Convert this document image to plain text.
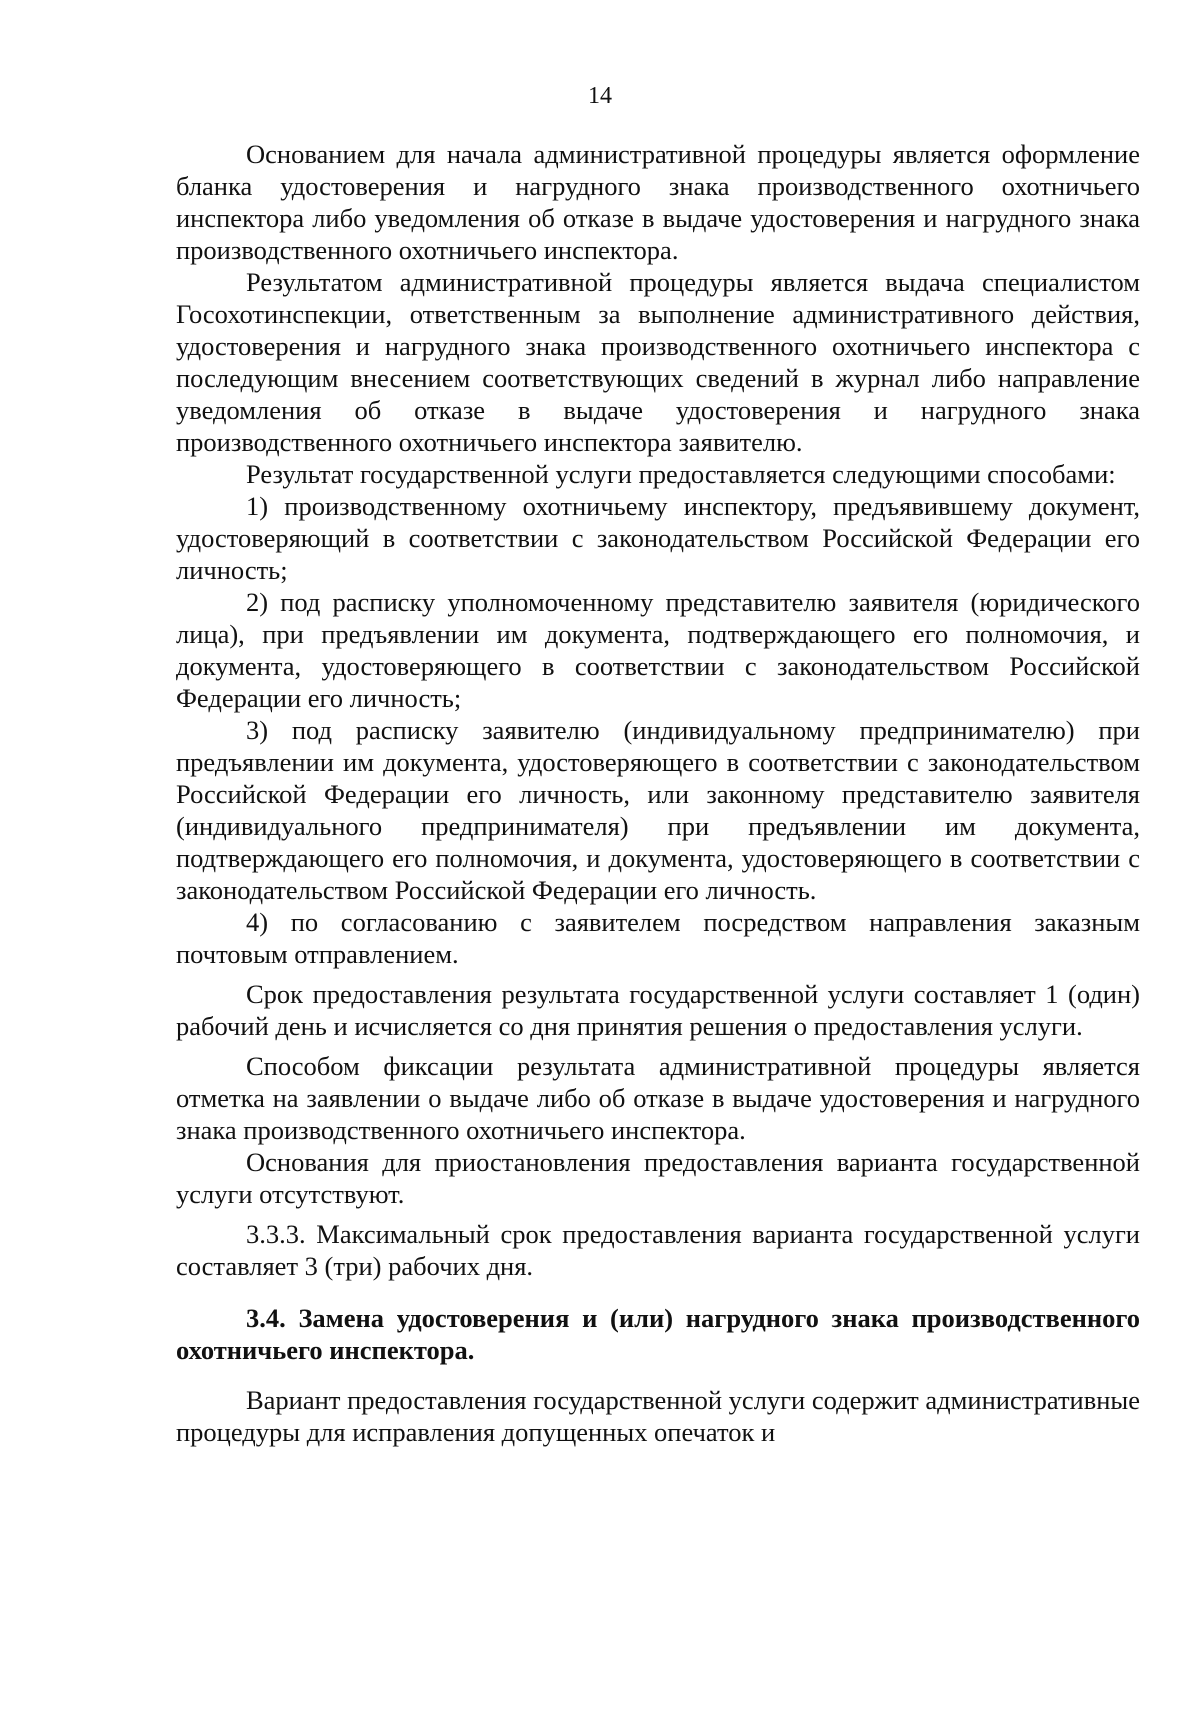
14

Основанием для начала административной процедуры является оформление бланка удостоверения и нагрудного знака производственного охотничьего инспектора либо уведомления об отказе в выдаче удостоверения и нагрудного знака производственного охотничьего инспектора.

Результатом административной процедуры является выдача специалистом Госохотинспекции, ответственным за выполнение административного действия, удостоверения и нагрудного знака производственного охотничьего инспектора с последующим внесением соответствующих сведений в журнал либо направление уведомления об отказе в выдаче удостоверения и нагрудного знака производственного охотничьего инспектора заявителю.

Результат государственной услуги предоставляется следующими способами:

1) производственному охотничьему инспектору, предъявившему документ, удостоверяющий в соответствии с законодательством Российской Федерации его личность;

2) под расписку уполномоченному представителю заявителя (юридического лица), при предъявлении им документа, подтверждающего его полномочия, и документа, удостоверяющего в соответствии с законодательством Российской Федерации его личность;

3) под расписку заявителю (индивидуальному предпринимателю) при предъявлении им документа, удостоверяющего в соответствии с законодательством Российской Федерации его личность, или законному представителю заявителя (индивидуального предпринимателя) при предъявлении им документа, подтверждающего его полномочия, и документа, удостоверяющего в соответствии с законодательством Российской Федерации его личность.

4) по согласованию с заявителем посредством направления заказным почтовым отправлением.

Срок предоставления результата государственной услуги составляет 1 (один) рабочий день и исчисляется со дня принятия решения о предоставления услуги.

Способом фиксации результата административной процедуры является отметка на заявлении о выдаче либо об отказе в выдаче удостоверения и нагрудного знака производственного охотничьего инспектора.

Основания для приостановления предоставления варианта государственной услуги отсутствуют.

3.3.3. Максимальный срок предоставления варианта государственной услуги составляет 3 (три) рабочих дня.

3.4. Замена удостоверения и (или) нагрудного знака производственного охотничьего инспектора.

Вариант предоставления государственной услуги содержит административные процедуры для исправления допущенных опечаток и
